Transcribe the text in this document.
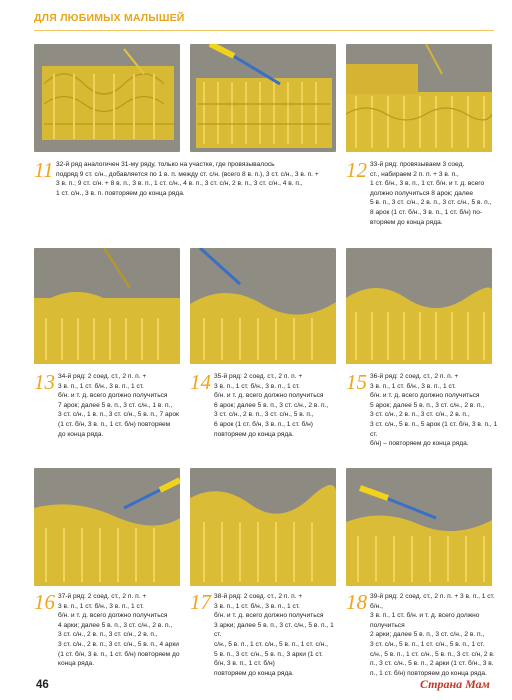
ДЛЯ ЛЮБИМЫХ МАЛЫШЕЙ
11 32-й ряд аналогичен 31-му ряду, только на участке, где провязывалось
подряд 9 ст. с/н., добавляется по 1 в. п. между ст. с/н. (всего 8 в. п.), 3 ст. с/н., 3 в. п. +
3 в. п.; 9 ст. с/н. + 8 в. п., 3 в. п., 1 ст. с/н., 4 в. п., 3 ст. с/н, 2 в. п., 3 ст. с/н., 4 в. п.,
1 ст. с/н., 3 в. п. повторяем до конца ряда.
12 33-й ряд: провязываем 3 соед.
ст., набираем 2 п. п. + 3 в. п.,
1 ст. б/н., 3 в. п., 1 ст. б/н. и т. д. всего
должно получиться 8 арок; далее
5 в. п., 3 ст. с/н., 2 в. п., 3 ст. с/н., 5 в. п.,
8 арок (1 ст. б/н., 3 в. п., 1 ст. б/н) по-
вторяем до конца ряда.
13 34-й ряд: 2 соед. ст., 2 п. п. +
3 в. п., 1 ст. б/н., 3 в. п., 1 ст.
б/н. и т. д. всего должно получиться
7 арок; далее 5 в. п., 3 ст. с/н., 1 в. п.,
3 ст. с/н., 1 в. п., 3 ст. с/н., 5 в. п., 7 арок
(1 ст. б/н, 3 в. п., 1 ст. б/н) повторяем
до конца ряда.
14 35-й ряд: 2 соед. ст., 2 п. п. +
3 в. п., 1 ст. б/н., 3 в. п., 1 ст.
б/н. и т. д. всего должно получиться
6 арок; далее 5 в. п., 3 ст. с/н., 2 в. п.,
3 ст. с/н., 2 в. п., 3 ст. с/н., 5 в. п.,
6 арок (1 ст. б/н, 3 в. п., 1 ст. б/н)
повторяем до конца ряда.
15 36-й ряд: 2 соед. ст., 2 п. п. +
3 в. п., 1 ст. б/н., 3 в. п., 1 ст.
б/н. и т. д. всего должно получиться
5 арок; далее 5 в. п., 3 ст. с/н., 2 в. п.,
3 ст. с/н., 2 в. п., 3 ст. с/н., 2 в. п.,
3 ст. с/н., 5 в. п., 5 арок (1 ст. б/н, 3 в. п., 1 ст.
б/н) – повторяем до конца ряда.
16 37-й ряд: 2 соед. ст., 2 п. п. +
3 в. п., 1 ст. б/н., 3 в. п., 1 ст.
б/н. и т. д. всего должно получиться
4 арки; далее 5 в. п., 3 ст. с/н., 2 в. п.,
3 ст. с/н., 2 в. п., 3 ст. с/н., 2 в. п.,
3 ст. с/н., 2 в. п., 3 ст. с/н., 5 в. п., 4 арки
(1 ст. б/н, 3 в. п., 1 ст. б/н) повторяем до
конца ряда.
17 38-й ряд: 2 соед. ст., 2 п. п. +
3 в. п., 1 ст. б/н., 3 в. п., 1 ст.
б/н. и т. д. всего должно получиться
3 арки; далее 5 в. п., 3 ст. с/н., 5 в. п., 1 ст.
с/н., 5 в. п., 1 ст. с/н., 5 в. п., 1 ст. с/н.,
5 в. п., 3 ст. с/н., 5 в. п., 3 арки (1 ст.
б/н, 3 в. п., 1 ст. б/н)
повторяем до конца ряда.
18 39-й ряд: 2 соед. ст., 2 п. п. + 3 в. п., 1 ст. б/н.,
3 в. п., 1 ст. б/н. и т. д. всего должно получиться
2 арки; далее 5 в. п., 3 ст. с/н., 2 в. п.,
3 ст. с/н., 5 в. п., 1 ст. с/н., 5 в. п., 1 ст.
с/н., 5 в. п., 1 ст. с/н., 5 в. п., 3 ст. с/н, 2 в.
п., 3 ст. с/н., 5 в. п., 2 арки (1 ст. б/н., 3 в.
п., 1 ст. б/н) повторяем до конца ряда.
46	Страна Мам
